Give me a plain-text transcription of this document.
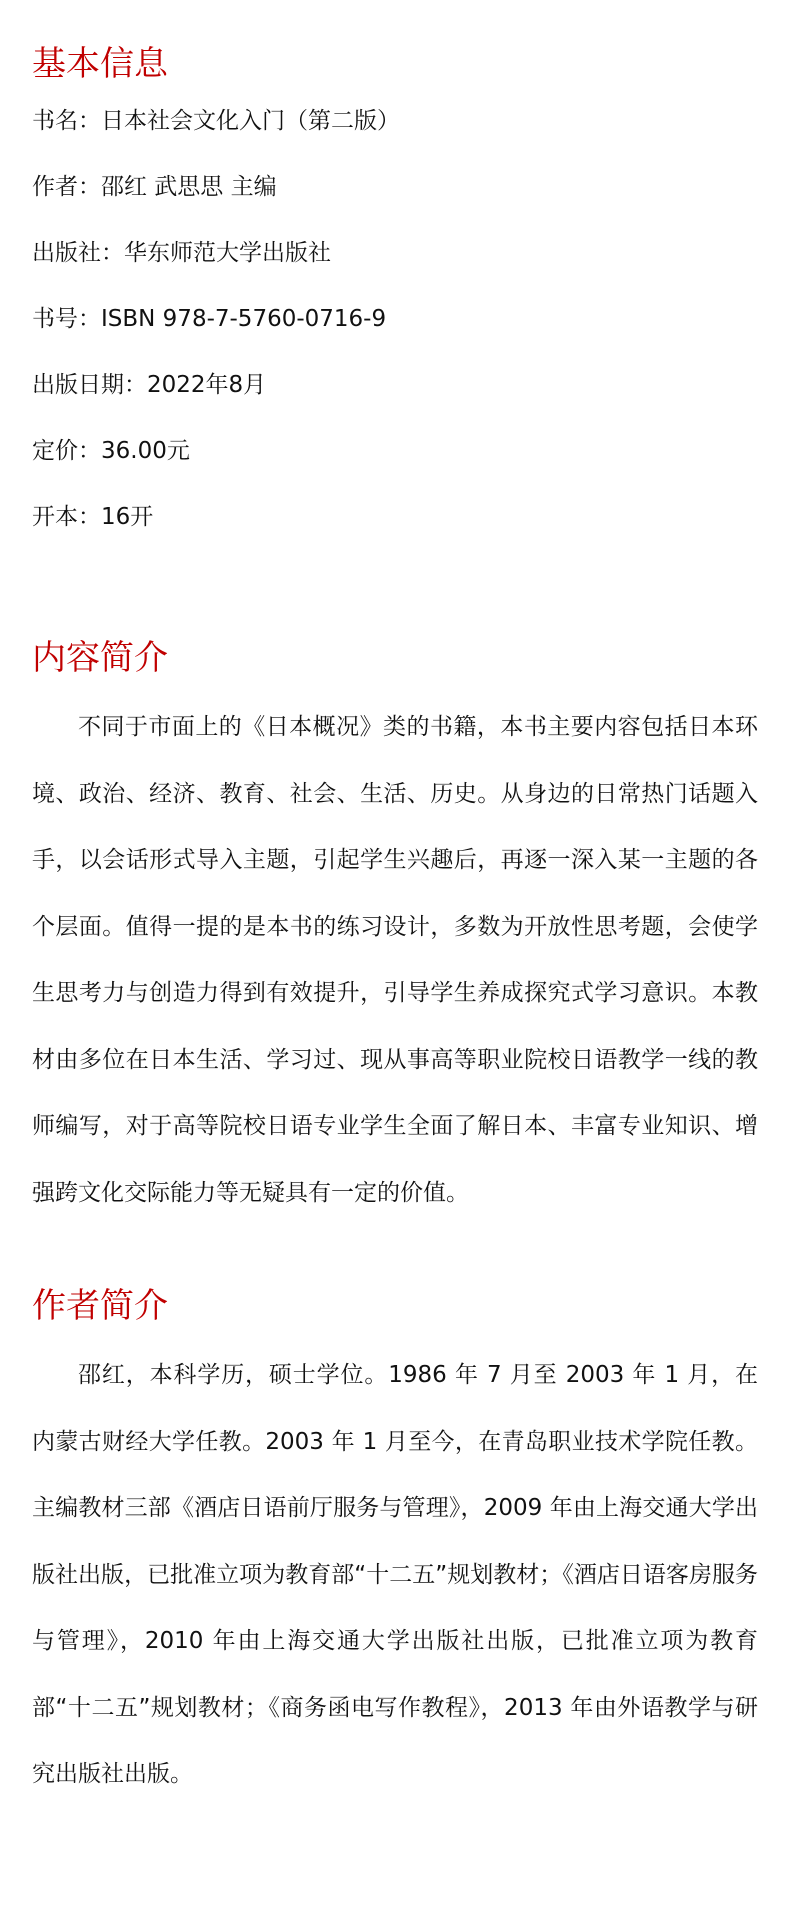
基本信息

书名：日本社会文化入门（第二版）

作者：邵红 武思思 主编

出版社：华东师范大学出版社

书号：ISBN 978-7-5760-0716-9

出版日期：2022年8月

定价：36.00元

开本：16开

内容简介

不同于市面上的《日本概况》类的书籍，本书主要内容包括日本环境、政治、经济、教育、社会、生活、历史。从身边的日常热门话题入手，以会话形式导入主题，引起学生兴趣后，再逐一深入某一主题的各个层面。值得一提的是本书的练习设计，多数为开放性思考题，会使学生思考力与创造力得到有效提升，引导学生养成探究式学习意识。本教材由多位在日本生活、学习过、现从事高等职业院校日语教学一线的教师编写，对于高等院校日语专业学生全面了解日本、丰富专业知识、增强跨文化交际能力等无疑具有一定的价值。

作者简介

邵红，本科学历，硕士学位。1986 年 7 月至 2003 年 1 月，在内蒙古财经大学任教。2003 年 1 月至今，在青岛职业技术学院任教。主编教材三部《酒店日语前厅服务与管理》，2009 年由上海交通大学出版社出版，已批准立项为教育部“十二五”规划教材；《酒店日语客房服务与管理》，2010 年由上海交通大学出版社出版，已批准立项为教育部“十二五”规划教材；《商务函电写作教程》，2013 年由外语教学与研究出版社出版。
